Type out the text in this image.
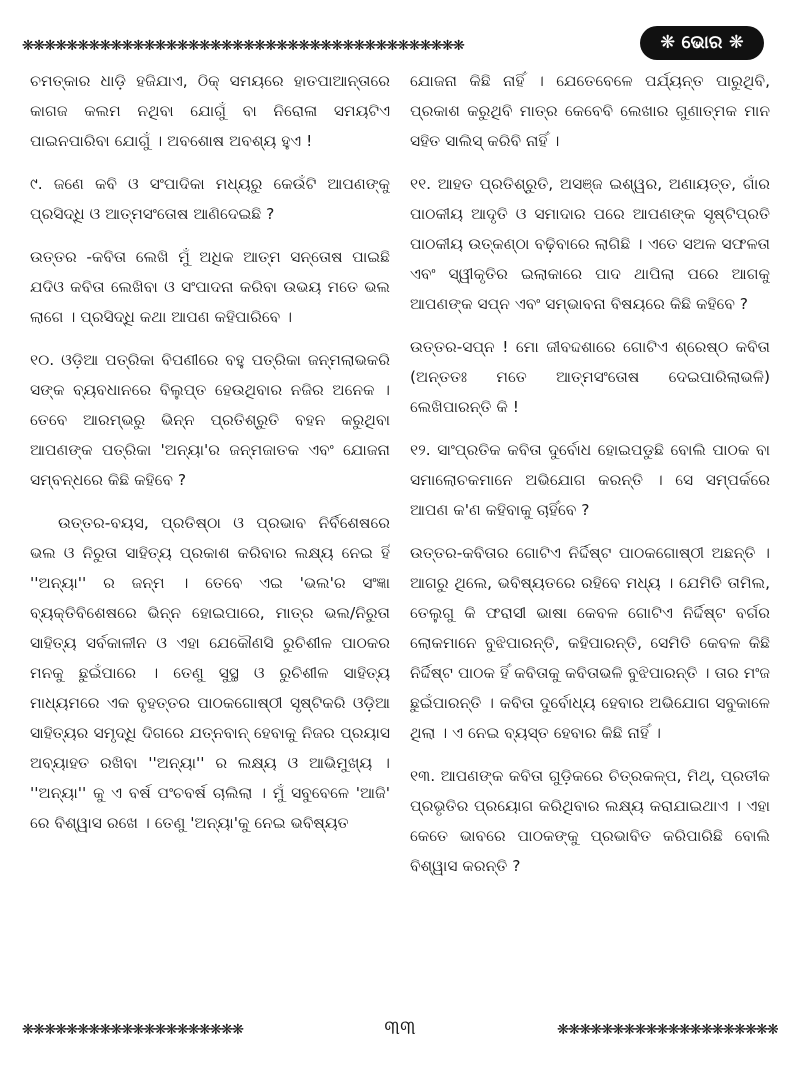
❋❋❋❋❋❋❋❋❋❋❋❋❋❋❋❋❋❋❋❋❋❋❋❋❋❋❋❋❋❋❋❋❋❋❋❋❋❋❋❋	❋ ଭୋର ❋

ଚମତ୍କାର ଧାଡ଼ି ହଜିଯାଏ, ଠିକ୍ ସମୟରେ ହାତପାଆନ୍ତାରେ କାଗଜ କଲମ ନଥିବା ଯୋଗୁଁ ବା ନିରୋଳା ସମୟଟିଏ ପାଇନପାରିବା ଯୋଗୁଁ । ଅବଶୋଷ ଅବଶ୍ୟ ହୁଏ !

୯. ଜଣେ କବି ଓ ସଂପାଦିକା ମଧ୍ୟରୁ କେଉଁଟି ଆପଣଙ୍କୁ ପ୍ରସିଦ୍ଧି ଓ ଆତ୍ମସଂତୋଷ ଆଣିଦେଇଛି ?

ଉତ୍ତର -କବିତା ଲେଖି ମୁଁ ଅଧିକ ଆତ୍ମ ସନ୍ତୋଷ ପାଇଛି ଯଦିଓ କବିତା ଲେଖିବା ଓ ସଂପାଦନା କରିବା ଉଭୟ ମତେ ଭଲ ଲାଗେ । ପ୍ରସିଦ୍ଧି କଥା ଆପଣ କହିପାରିବେ ।

୧୦. ଓଡ଼ିଆ ପତ୍ରିକା ବିପଣୀରେ ବହୁ ପତ୍ରିକା ଜନ୍ମଲାଭକରି ସଙ୍କ ବ୍ୟବଧାନରେ ବିଲୁପ୍ତ ହେଉଥିବାର ନଜିର ଅନେକ । ତେବେ ଆରମ୍ଭରୁ ଭିନ୍ନ ପ୍ରତିଶ୍ରୁତି ବହନ କରୁଥିବା ଆପଣଙ୍କ ପତ୍ରିକା 'ଅନ୍ୟା'ର ଜନ୍ମଜାତକ ଏବଂ ଯୋଜନା ସମ୍ବନ୍ଧରେ କିଛି କହିବେ ?

ଉତ୍ତର-ବୟସ, ପ୍ରତିଷ୍ଠା ଓ ପ୍ରଭାବ ନିର୍ବିଶେଷରେ ଭଲ ଓ ନିରୁତା ସାହିତ୍ୟ ପ୍ରକାଶ କରିବାର ଲକ୍ଷ୍ୟ ନେଇ ହିଁ ''ଅନ୍ୟା'' ର ଜନ୍ମ । ତେବେ ଏଇ 'ଭଲ'ର ସଂଜ୍ଞା ବ୍ୟକ୍ତିବିଶେଷରେ ଭିନ୍ନ ହୋଇପାରେ, ମାତ୍ର ଭଲ/ନିରୁତା ସାହିତ୍ୟ ସର୍ବକାଳୀନ ଓ ଏହା ଯେକୌଣସି ରୁଚିଶୀଳ ପାଠକର ମନକୁ ଛୁଇଁପାରେ । ତେଣୁ ସୁସ୍ଥ ଓ ରୁଚିଶୀଳ ସାହିତ୍ୟ ମାଧ୍ୟମରେ ଏକ ବୃହତ୍ତର ପାଠକଗୋଷ୍ଠୀ ସୃଷ୍ଟିକରି ଓଡ଼ିଆ ସାହିତ୍ୟର ସମୃଦ୍ଧି ଦିଗରେ ଯତ୍ନବାନ୍ ହେବାକୁ ନିଜର ପ୍ରୟାସ ଅବ୍ୟାହତ ରଖିବା ''ଅନ୍ୟା'' ର ଲକ୍ଷ୍ୟ ଓ ଆଭିମୁଖ୍ୟ । ''ଅନ୍ୟା'' କୁ ଏ ବର୍ଷ ପଂଚବର୍ଷ ଚାଲିଲା । ମୁଁ ସବୁବେଳେ 'ଆଜି' ରେ ବିଶ୍ୱାସ ରଖେ । ତେଣୁ 'ଅନ୍ୟା'କୁ ନେଇ ଭବିଷ୍ୟତ

ଯୋଜନା କିଛି ନାହିଁ । ଯେତେବେଳେ ପର୍ଯ୍ୟନ୍ତ ପାରୁଥିବି, ପ୍ରକାଶ କରୁଥିବି ମାତ୍ର କେବେବି ଲେଖାର ଗୁଣାତ୍ମକ ମାନ ସହିତ ସାଲିସ୍ କରିବି ନାହିଁ ।

୧୧. ଆହତ ପ୍ରତିଶ୍ରୁତି, ଅସଞ୍ଜ ଇଶ୍ୱର, ଅଣାୟତ୍ତ, ଗାଁର ପାଠକୀୟ ଆଦୃତି ଓ ସମାଦାର ପରେ ଆପଣଙ୍କ ସୃଷ୍ଟିପ୍ରତି ପାଠକୀୟ ଉତ୍କଣ୍ଠା ବଢ଼ିବାରେ ଲାଗିଛି । ଏତେ ସଅଳ ସଫଳତା ଏବଂ ସ୍ୱୀକୃତିର ଇଲାକାରେ ପାଦ ଥାପିଲା ପରେ ଆଗକୁ ଆପଣଙ୍କ ସପ୍ନ ଏବଂ ସମ୍ଭାବନା ବିଷୟରେ କିଛି କହିବେ ?

ଉତ୍ତର-ସପ୍ନ ! ମୋ ଜୀବଦ୍ଦଶାରେ ଗୋଟିଏ ଶ୍ରେଷ୍ଠ କବିତା (ଅନ୍ତତଃ ମତେ ଆତ୍ମସଂତୋଷ ଦେଇପାରିଲାଭଳି) ଲେଖିପାରନ୍ତି କି !

୧୨. ସାଂପ୍ରତିକ କବିତା ଦୁର୍ବୋଧ ହୋଇପଡୁଛି ବୋଲି ପାଠକ ବା ସମାଲୋଚକମାନେ ଅଭିଯୋଗ କରନ୍ତି । ସେ ସମ୍ପର୍କରେ ଆପଣ କ'ଣ କହିବାକୁ ଚାହିଁବେ ?

ଉତ୍ତର-କବିତାର ଗୋଟିଏ ନିର୍ଦ୍ଦିଷ୍ଟ ପାଠକଗୋଷ୍ଠୀ ଅଛନ୍ତି । ଆଗରୁ ଥିଲେ, ଭବିଷ୍ୟତରେ ରହିବେ ମଧ୍ୟ । ଯେମିତି ତାମିଲ, ତେଲୁଗୁ କି ଫରାସୀ ଭାଷା କେବଳ ଗୋଟିଏ ନିର୍ଦ୍ଦିଷ୍ଟ ବର୍ଗର ଲୋକମାନେ ବୁଝିପାରନ୍ତି, କହିପାରନ୍ତି, ସେମିତି କେବଳ କିଛି ନିର୍ଦ୍ଦିଷ୍ଟ ପାଠକ ହିଁ କବିତାକୁ କବିତାଭଳି ବୁଝିପାରନ୍ତି । ତାର ମଂଜ ଛୁଇଁପାରନ୍ତି । କବିତା ଦୁର୍ବୋଧ୍ୟ ହେବାର ଅଭିଯୋଗ ସବୁକାଳେ ଥିଲା । ଏ ନେଇ ବ୍ୟସ୍ତ ହେବାର କିଛି ନାହିଁ ।

୧୩. ଆପଣଙ୍କ କବିତା ଗୁଡ଼ିକରେ ଚିତ୍ରକଳ୍ପ, ମିଥ୍, ପ୍ରତୀକ ପ୍ରଭୃତିର ପ୍ରୟୋଗ କରିଥିବାର ଲକ୍ଷ୍ୟ କରାଯାଇଥାଏ । ଏହା କେତେ ଭାବରେ ପାଠକଙ୍କୁ ପ୍ରଭାବିତ କରିପାରିଛି ବୋଲି ବିଶ୍ୱାସ କରନ୍ତି ?

❋❋❋❋❋❋❋❋❋❋❋❋❋❋❋❋❋❋❋❋	୩୩	❋❋❋❋❋❋❋❋❋❋❋❋❋❋❋❋❋❋❋❋
